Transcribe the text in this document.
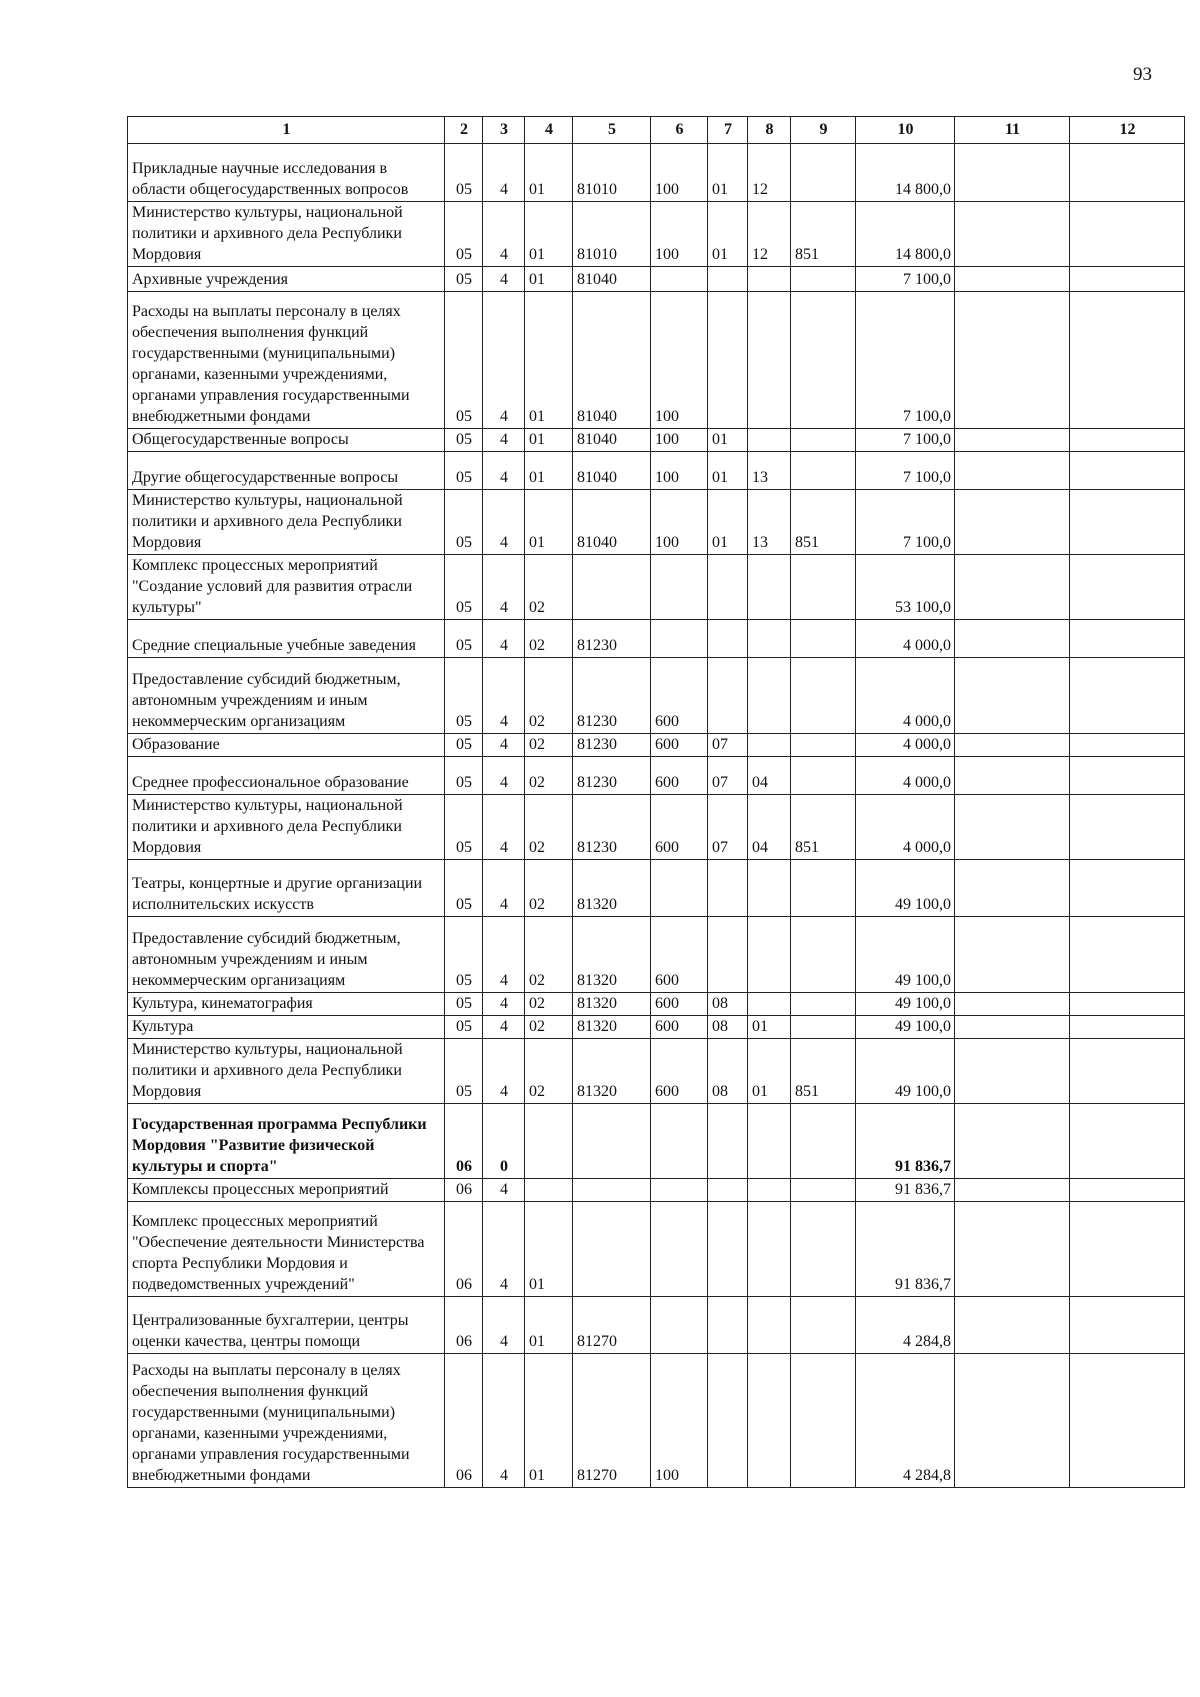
93
1	2	3	4	5	6	7	8	9	10	11	12
Прикладные научные исследования в области общегосударственных вопросов	05	4	01	81010	100	01	12		14 800,0		
Министерство культуры, национальной политики и архивного дела Республики Мордовия	05	4	01	81010	100	01	12	851	14 800,0		
Архивные учреждения	05	4	01	81040					7 100,0		
Расходы на выплаты персоналу в целях обеспечения выполнения функций государственными (муниципальными) органами, казенными учреждениями, органами управления государственными внебюджетными фондами	05	4	01	81040	100				7 100,0		
Общегосударственные вопросы	05	4	01	81040	100	01			7 100,0		
Другие общегосударственные вопросы	05	4	01	81040	100	01	13		7 100,0		
Министерство культуры, национальной политики и архивного дела Республики Мордовия	05	4	01	81040	100	01	13	851	7 100,0		
Комплекс процессных мероприятий "Создание условий для развития отрасли культуры"	05	4	02						53 100,0		
Средние специальные учебные заведения	05	4	02	81230					4 000,0		
Предоставление субсидий бюджетным, автономным учреждениям и иным некоммерческим организациям	05	4	02	81230	600				4 000,0		
Образование	05	4	02	81230	600	07			4 000,0		
Среднее профессиональное образование	05	4	02	81230	600	07	04		4 000,0		
Министерство культуры, национальной политики и архивного дела Республики Мордовия	05	4	02	81230	600	07	04	851	4 000,0		
Театры, концертные и другие организации исполнительских искусств	05	4	02	81320					49 100,0		
Предоставление субсидий бюджетным, автономным учреждениям и иным некоммерческим организациям	05	4	02	81320	600				49 100,0		
Культура, кинематография	05	4	02	81320	600	08			49 100,0		
Культура	05	4	02	81320	600	08	01		49 100,0		
Министерство культуры, национальной политики и архивного дела Республики Мордовия	05	4	02	81320	600	08	01	851	49 100,0		
Государственная программа Республики Мордовия "Развитие физической культуры и спорта"	06	0							91 836,7		
Комплексы процессных мероприятий	06	4							91 836,7		
Комплекс процессных мероприятий "Обеспечение деятельности Министерства спорта Республики Мордовия и подведомственных учреждений"	06	4	01						91 836,7		
Централизованные бухгалтерии, центры оценки качества, центры помощи	06	4	01	81270					4 284,8		
Расходы на выплаты персоналу в целях обеспечения выполнения функций государственными (муниципальными) органами, казенными учреждениями, органами управления государственными внебюджетными фондами	06	4	01	81270	100				4 284,8		
